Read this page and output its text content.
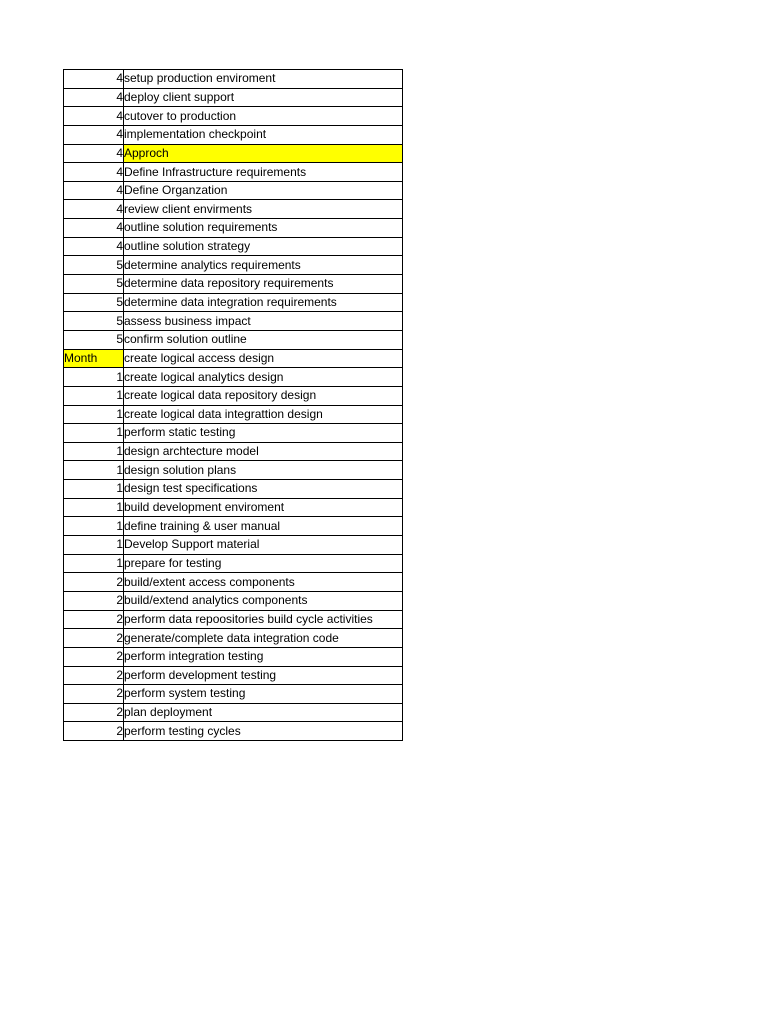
4	setup production enviroment
4	deploy client support
4	cutover to production
4	implementation checkpoint
4	Approch
4	Define Infrastructure requirements
4	Define Organzation
4	review client envirments
4	outline solution requirements
4	outline solution strategy
5	determine analytics requirements
5	determine data repository requirements
5	determine data integration requirements
5	assess business impact
5	confirm solution outline
Month	create logical access design
1	create logical analytics design
1	create logical data repository design
1	create logical data integrattion design
1	perform static testing
1	design archtecture model
1	design solution plans
1	design test specifications
1	build development enviroment
1	define training & user manual
1	Develop Support material
1	prepare for testing
2	build/extent access components
2	build/extend analytics components
2	perform data repoositories build cycle activities
2	generate/complete data integration code
2	perform integration testing
2	perform development testing
2	perform system testing
2	plan deployment
2	perform testing cycles
